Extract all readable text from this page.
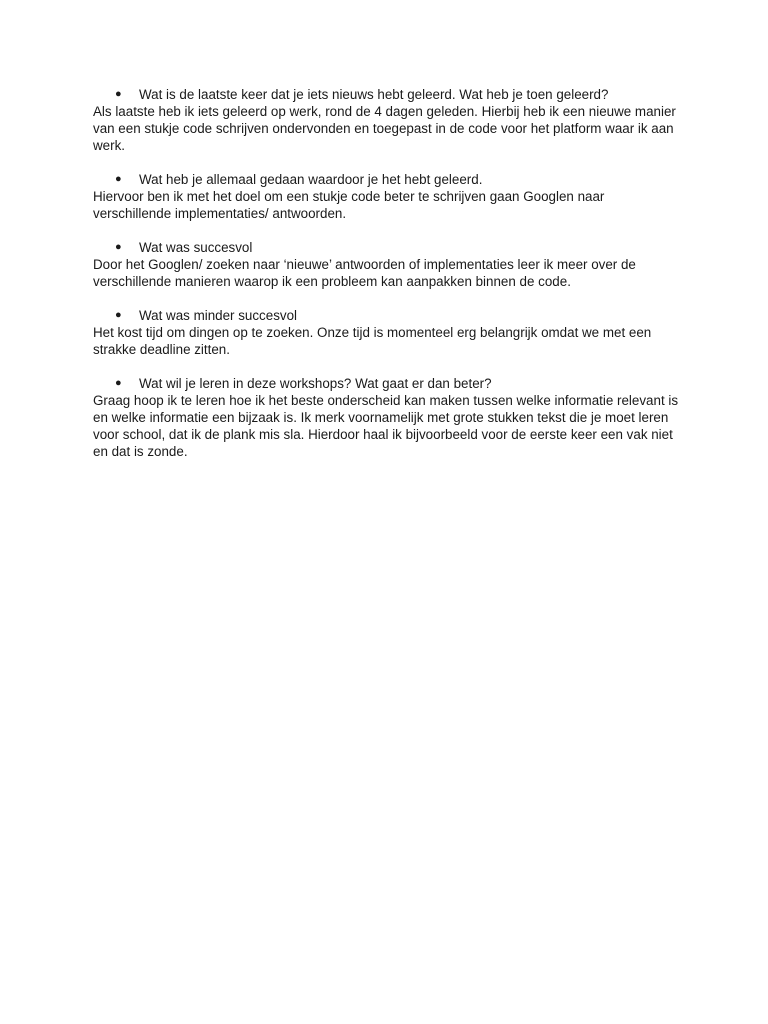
● Wat is de laatste keer dat je iets nieuws hebt geleerd. Wat heb je toen geleerd?
Als laatste heb ik iets geleerd op werk, rond de 4 dagen geleden. Hierbij heb ik een nieuwe manier van een stukje code schrijven ondervonden en toegepast in de code voor het platform waar ik aan werk.
● Wat heb je allemaal gedaan waardoor je het hebt geleerd.
Hiervoor ben ik met het doel om een stukje code beter te schrijven gaan Googlen naar verschillende implementaties/ antwoorden.
● Wat was succesvol
Door het Googlen/ zoeken naar ‘nieuwe’ antwoorden of implementaties leer ik meer over de verschillende manieren waarop ik een probleem kan aanpakken binnen de code.
● Wat was minder succesvol
Het kost tijd om dingen op te zoeken. Onze tijd is momenteel erg belangrijk omdat we met een strakke deadline zitten.
● Wat wil je leren in deze workshops? Wat gaat er dan beter?
Graag hoop ik te leren hoe ik het beste onderscheid kan maken tussen welke informatie relevant is en welke informatie een bijzaak is. Ik merk voornamelijk met grote stukken tekst die je moet leren voor school, dat ik de plank mis sla. Hierdoor haal ik bijvoorbeeld voor de eerste keer een vak niet en dat is zonde.
